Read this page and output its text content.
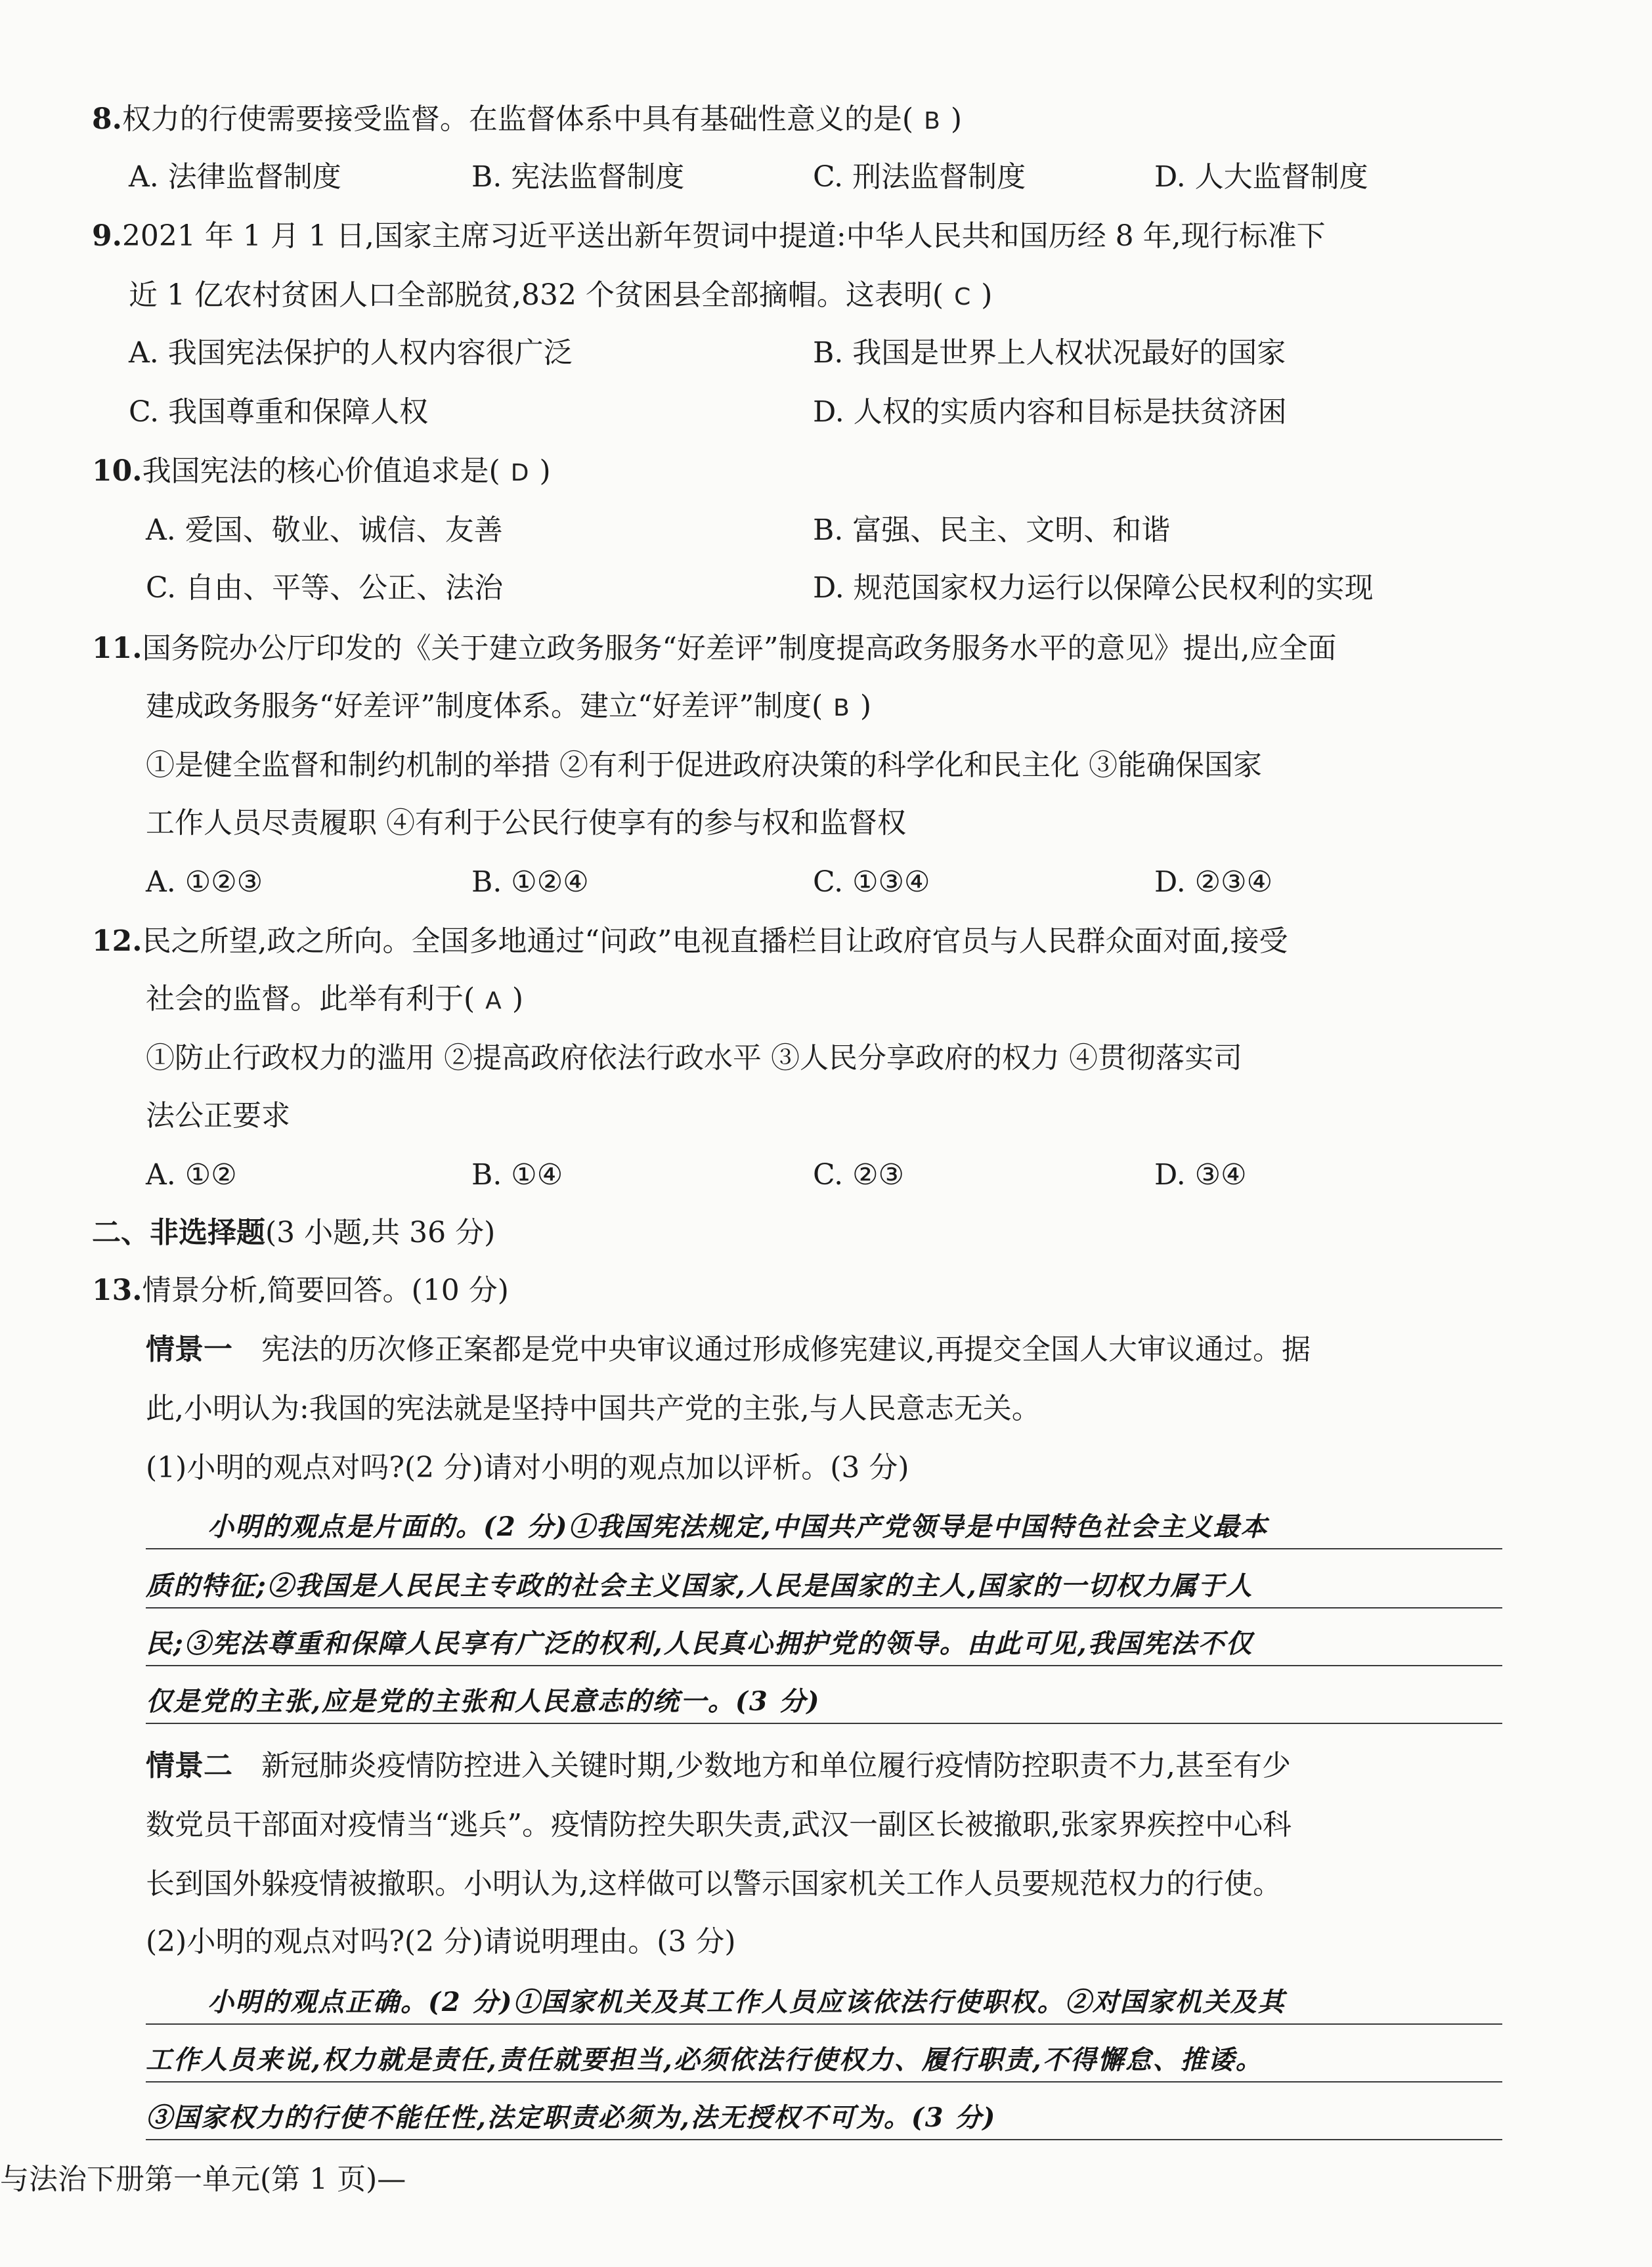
8.权力的行使需要接受监督。在监督体系中具有基础性意义的是( B )
A. 法律监督制度	B. 宪法监督制度	C. 刑法监督制度	D. 人大监督制度
9.2021 年 1 月 1 日,国家主席习近平送出新年贺词中提道:中华人民共和国历经 8 年,现行标准下
近 1 亿农村贫困人口全部脱贫,832 个贫困县全部摘帽。这表明( C )
A. 我国宪法保护的人权内容很广泛	B. 我国是世界上人权状况最好的国家
C. 我国尊重和保障人权	D. 人权的实质内容和目标是扶贫济困
10.我国宪法的核心价值追求是( D )
A. 爱国、敬业、诚信、友善	B. 富强、民主、文明、和谐
C. 自由、平等、公正、法治	D. 规范国家权力运行以保障公民权利的实现
11.国务院办公厅印发的《关于建立政务服务“好差评”制度提高政务服务水平的意见》提出,应全面
建成政务服务“好差评”制度体系。建立“好差评”制度( B )
①是健全监督和制约机制的举措 ②有利于促进政府决策的科学化和民主化 ③能确保国家
工作人员尽责履职 ④有利于公民行使享有的参与权和监督权
A. ①②③	B. ①②④	C. ①③④	D. ②③④
12.民之所望,政之所向。全国多地通过“问政”电视直播栏目让政府官员与人民群众面对面,接受
社会的监督。此举有利于( A )
①防止行政权力的滥用 ②提高政府依法行政水平 ③人民分享政府的权力 ④贯彻落实司
法公正要求
A. ①②	B. ①④	C. ②③	D. ③④
二、非选择题(3 小题,共 36 分)
13.情景分析,简要回答。(10 分)
情景一 宪法的历次修正案都是党中央审议通过形成修宪建议,再提交全国人大审议通过。据
此,小明认为:我国的宪法就是坚持中国共产党的主张,与人民意志无关。
(1)小明的观点对吗?(2 分)请对小明的观点加以评析。(3 分)
小明的观点是片面的。(2 分)①我国宪法规定,中国共产党领导是中国特色社会主义最本
质的特征;②我国是人民民主专政的社会主义国家,人民是国家的主人,国家的一切权力属于人
民;③宪法尊重和保障人民享有广泛的权利,人民真心拥护党的领导。由此可见,我国宪法不仅
仅是党的主张,应是党的主张和人民意志的统一。(3 分)
情景二 新冠肺炎疫情防控进入关键时期,少数地方和单位履行疫情防控职责不力,甚至有少
数党员干部面对疫情当“逃兵”。疫情防控失职失责,武汉一副区长被撤职,张家界疾控中心科
长到国外躲疫情被撤职。小明认为,这样做可以警示国家机关工作人员要规范权力的行使。
(2)小明的观点对吗?(2 分)请说明理由。(3 分)
小明的观点正确。(2 分)①国家机关及其工作人员应该依法行使职权。②对国家机关及其
工作人员来说,权力就是责任,责任就要担当,必须依法行使权力、履行职责,不得懈怠、推诿。
③国家权力的行使不能任性,法定职责必须为,法无授权不可为。(3 分)
与法治下册第一单元(第 1 页)—
